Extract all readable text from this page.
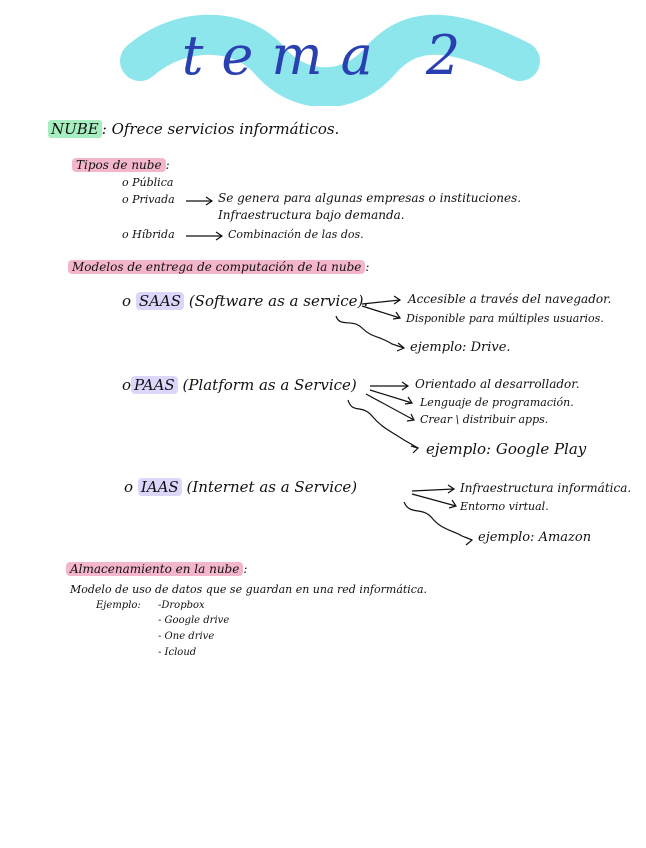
tema 2
NUBE : Ofrece servicios informáticos.
Tipos de nube :
o Pública
o Privada	Se genera para algunas empresas o instituciones.
Infraestructura bajo demanda.
o Híbrida	Combinación de las dos.
Modelos de entrega de computación de la nube :
o SAAS (Software as a service).	Accesible a través del navegador.
Disponible para múltiples usuarios.
ejemplo: Drive.
o PAAS (Platform as a Service)	Orientado al desarrollador.
Lenguaje de programación.
Crear \ distribuir apps.
ejemplo: Google Play
o IAAS (Internet as a Service)	Infraestructura informática.
Entorno virtual.
ejemplo: Amazon
Almacenamiento en la nube :
Modelo de uso de datos que se guardan en una red informática.
Ejemplo: -Dropbox
- Google drive
- One drive
- Icloud
